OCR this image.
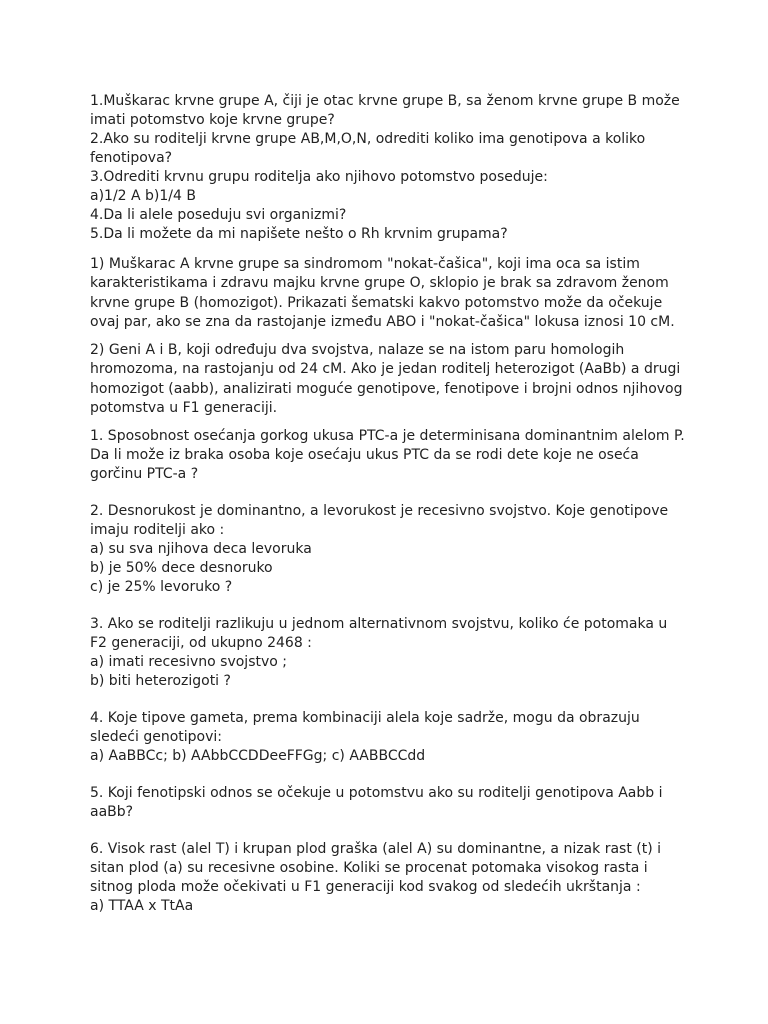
1.Muškarac krvne grupe A, čiji je otac krvne grupe B, sa ženom krvne grupe B može
imati potomstvo koje krvne grupe?
2.Ako su roditelji krvne grupe AB,M,O,N, odrediti koliko ima genotipova a koliko
fenotipova?
3.Odrediti krvnu grupu roditelja ako njihovo potomstvo poseduje:
a)1/2 A b)1/4 B
4.Da li alele poseduju svi organizmi?
5.Da li možete da mi napišete nešto o Rh krvnim grupama?
1) Muškarac A krvne grupe sa sindromom "nokat-čašica", koji ima oca sa istim
karakteristikama i zdravu majku krvne grupe O, sklopio je brak sa zdravom ženom
krvne grupe B (homozigot). Prikazati šematski kakvo potomstvo može da očekuje
ovaj par, ako se zna da rastojanje između ABO i "nokat-čašica" lokusa iznosi 10 cM.
2) Geni A i B, koji određuju dva svojstva, nalaze se na istom paru homologih
hromozoma, na rastojanju od 24 cM. Ako je jedan roditelj heterozigot (AaBb) a drugi
homozigot (aabb), analizirati moguće genotipove, fenotipove i brojni odnos njihovog
potomstva u F1 generaciji.
1. Sposobnost osećanja gorkog ukusa PTC-a je determinisana dominantnim alelom P.
Da li može iz braka osoba koje osećaju ukus PTC da se rodi dete koje ne oseća
gorčinu PTC-a ?
2. Desnorukost je dominantno, a levorukost je recesivno svojstvo. Koje genotipove
imaju roditelji ako :
a) su sva njihova deca levoruka
b) je 50% dece desnoruko
c) je 25% levoruko ?
3. Ako se roditelji razlikuju u jednom alternativnom svojstvu, koliko će potomaka u
F2 generaciji, od ukupno 2468 :
a) imati recesivno svojstvo ;
b) biti heterozigoti ?
4. Koje tipove gameta, prema kombinaciji alela koje sadrže, mogu da obrazuju
sledeći genotipovi:
a) AaBBCc; b) AAbbCCDDeeFFGg; c) AABBCCdd
5. Koji fenotipski odnos se očekuje u potomstvu ako su roditelji genotipova Aabb i
aaBb?
6. Visok rast (alel T) i krupan plod graška (alel A) su dominantne, a nizak rast (t) i
sitan plod (a) su recesivne osobine. Koliki se procenat potomaka visokog rasta i
sitnog ploda može očekivati u F1 generaciji kod svakog od sledećih ukrštanja :
a) TTAA x TtAa
